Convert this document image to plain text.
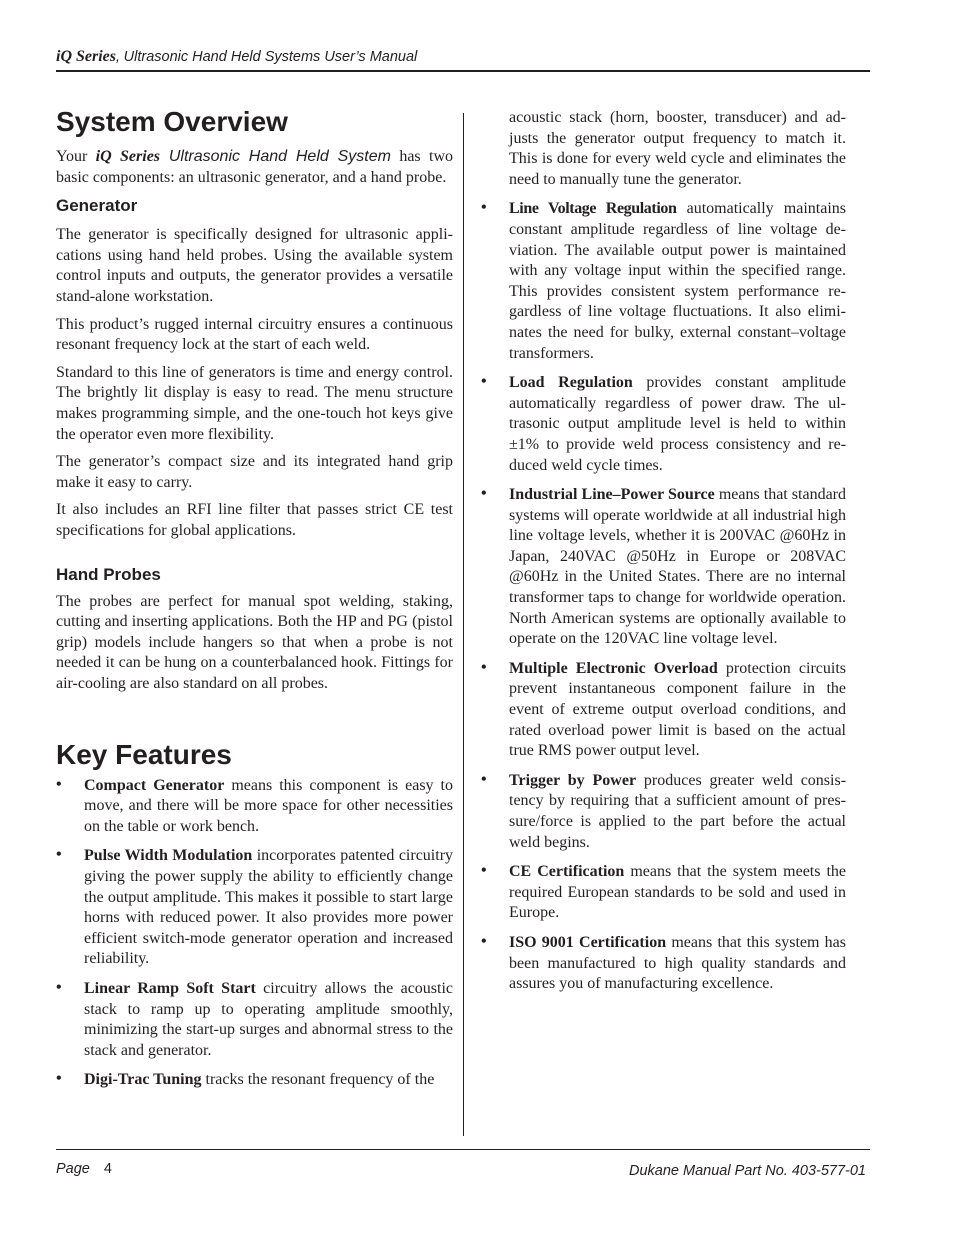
iQ Series, Ultrasonic Hand Held Systems User’s Manual
System Overview

Your iQ Series Ultrasonic Hand Held System has two basic components: an ultrasonic generator, and a hand probe.

Generator

The generator is specifically designed for ultrasonic applications using hand held probes. Using the available system control inputs and outputs, the generator provides a versatile stand-alone workstation.

This product’s rugged internal circuitry ensures a continuous resonant frequency lock at the start of each weld.

Standard to this line of generators is time and energy control. The brightly lit display is easy to read. The menu structure makes programming simple, and the one-touch hot keys give the operator even more flexibility.

The generator’s compact size and its integrated hand grip make it easy to carry.

It also includes an RFI line filter that passes strict CE test specifications for global applications.

Hand Probes

The probes are perfect for manual spot welding, staking, cutting and inserting applications. Both the HP and PG (pistol grip) models include hangers so that when a probe is not needed it can be hung on a counterbalanced hook. Fittings for air-cooling are also standard on all probes.

Key Features
• Compact Generator means this component is easy to move, and there will be more space for other necessities on the table or work bench.

• Pulse Width Modulation incorporates patented circuitry giving the power supply the ability to efficiently change the output amplitude. This makes it possible to start large horns with reduced power. It also provides more power efficient switch-mode generator operation and increased reliability.

• Linear Ramp Soft Start circuitry allows the acoustic stack to ramp up to operating amplitude smoothly, minimizing the start-up surges and abnormal stress to the stack and generator.

• Digi-Trac Tuning tracks the resonant frequency of the

acoustic stack (horn, booster, transducer) and adjusts the generator output frequency to match it. This is done for every weld cycle and eliminates the need to manually tune the generator.

• Line Voltage Regulation automatically maintains constant amplitude regardless of line voltage deviation. The available output power is maintained with any voltage input within the specified range. This provides consistent system performance regardless of line voltage fluctuations. It also eliminates the need for bulky, external constant–voltage transformers.

• Load Regulation provides constant amplitude automatically regardless of power draw. The ultrasonic output amplitude level is held to within ±1% to provide weld process consistency and reduced weld cycle times.

• Industrial Line–Power Source means that standard systems will operate worldwide at all industrial high line voltage levels, whether it is 200VAC @60Hz in Japan, 240VAC @50Hz in Europe or 208VAC @60Hz in the United States. There are no internal transformer taps to change for worldwide operation. North American systems are optionally available to operate on the 120VAC line voltage level.

• Multiple Electronic Overload protection circuits prevent instantaneous component failure in the event of extreme output overload conditions, and rated overload power limit is based on the actual true RMS power output level.

• Trigger by Power produces greater weld consistency by requiring that a sufficient amount of pressure/force is applied to the part before the actual weld begins.

• CE Certification means that the system meets the required European standards to be sold and used in Europe.

• ISO 9001 Certification means that this system has been manufactured to high quality standards and assures you of manufacturing excellence.

Page 4	Dukane Manual Part No. 403-577-01
